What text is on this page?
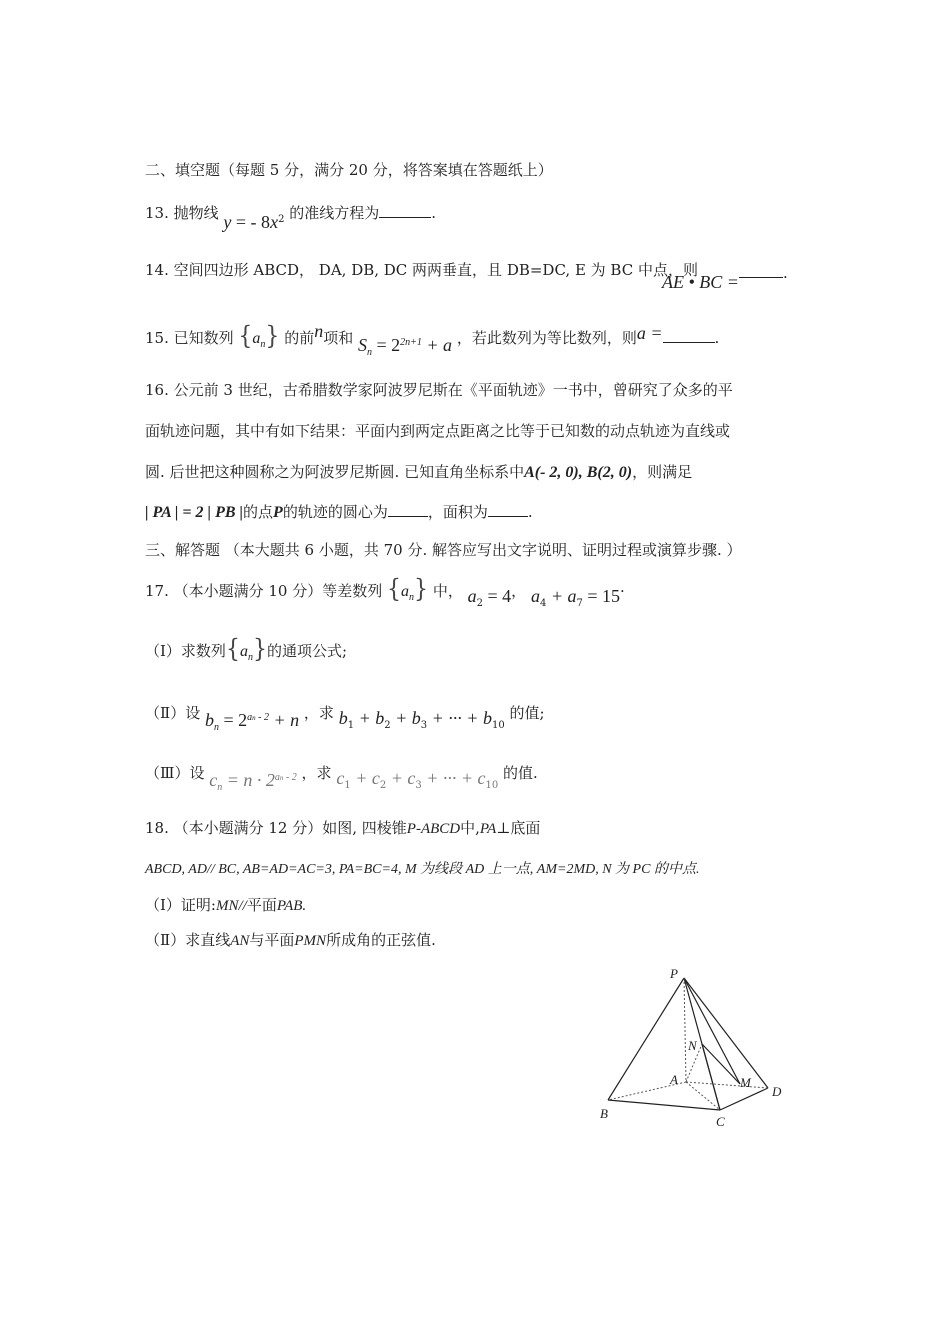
二、填空题（每题 5 分，满分 20 分，将答案填在答题纸上）
13. 抛物线 y = - $8x^2$ 的准线方程为	.
14. 空间四边形 ABCD， DA, DB, DC 两两垂直，且 DB=DC, E 为 BC 中点，则
AE • BC =	.
15. 已知数列 $\{a_n\}$ 的前n项和 $S_n = 2^{2n+1} + a$ ，若此数列为等比数列，则a =	.
16. 公元前 3 世纪，古希腊数学家阿波罗尼斯在《平面轨迹》一书中，曾研究了众多的平
面轨迹问题，其中有如下结果：平面内到两定点距离之比等于已知数的动点轨迹为直线或
圆. 后世把这种圆称之为阿波罗尼斯圆. 已知直角坐标系中A(- 2, 0), B(2, 0)，则满足
| PA | = 2 | PB |的点P的轨迹的圆心为	，面积为	.
三、解答题 （本大题共 6 小题，共 70 分. 解答应写出文字说明、证明过程或演算步骤. ）
17. （本小题满分 10 分）等差数列 $\{a_n\}$ 中， $a_2 = 4$， $a_4 + a_7 = 15\cdot$
（Ⅰ）求数列$\{a_n\}$的通项公式;
（Ⅱ）设 $b_n = 2^{an - 2} + n$ ，求 $b_1 + b_2 + b_3$ + ··· + $b_{10}$ 的值;
（Ⅲ）设 $c_n = n \cdot 2^{an - 2}$ ，求 $c_1 + c_2 + c_3$ + ··· + $c_{10}$ 的值.
18. （本小题满分 12 分）如图, 四棱锥P-ABCD中,PA⊥底面
ABCD, AD// BC, AB=AD=AC=3, PA=BC=4, M 为线段 AD 上一点, AM=2MD, N 为 PC 的中点.
（Ⅰ）证明:MN//平面PAB.
（Ⅱ）求直线AN与平面PMN所成角的正弦值.
P
N
A	M
D
B
C
